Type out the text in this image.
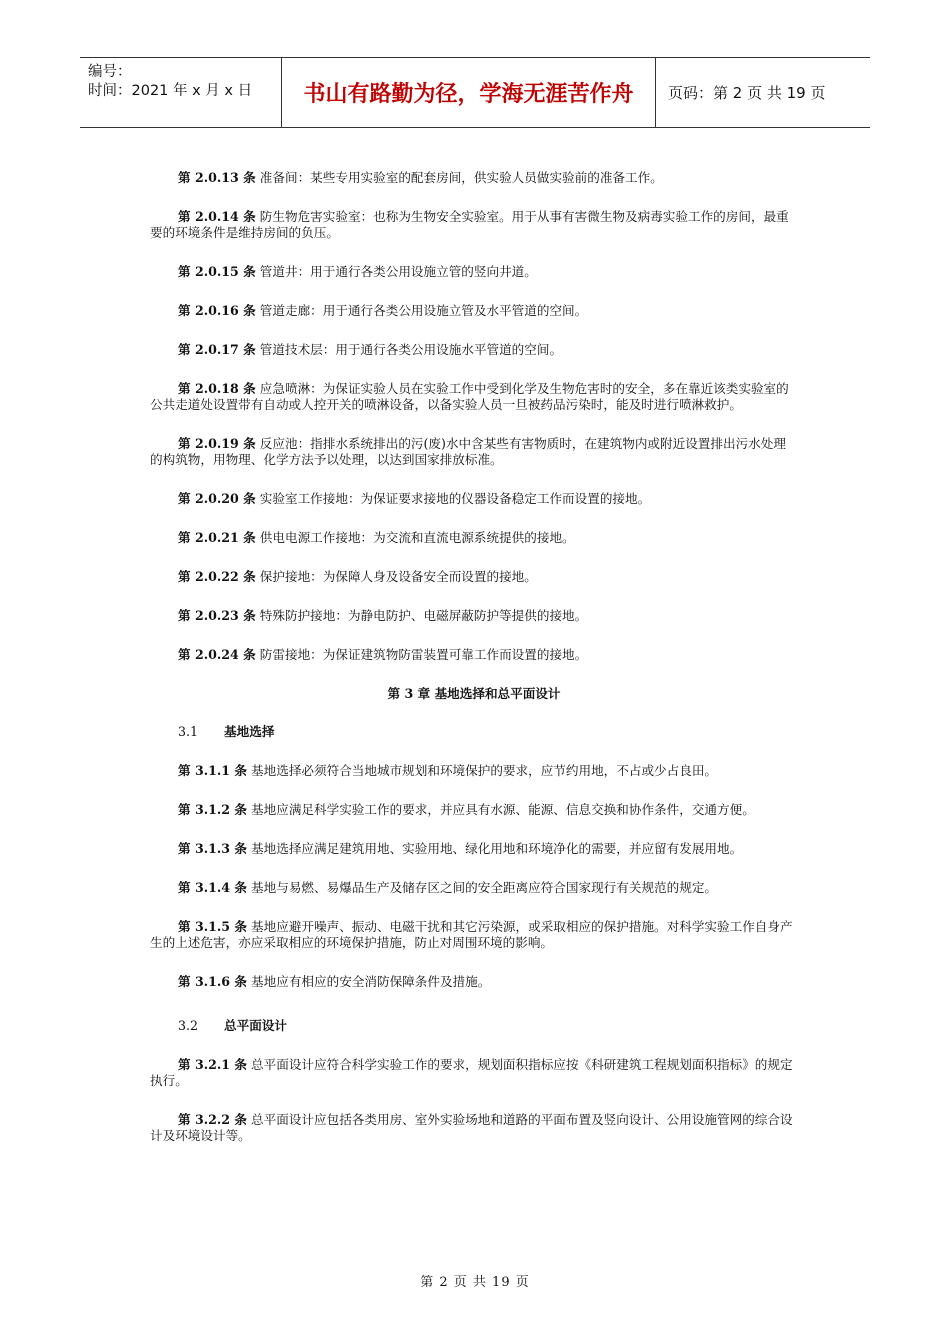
编号：
时间：2021 年 x 月 x 日	书山有路勤为径，学海无涯苦作舟	页码：第 2 页 共 19 页
第 2.0.13 条 准备间：某些专用实验室的配套房间，供实验人员做实验前的准备工作。
第 2.0.14 条 防生物危害实验室：也称为生物安全实验室。用于从事有害微生物及病毒实验工作的房间，最重要的环境条件是维持房间的负压。
第 2.0.15 条 管道井：用于通行各类公用设施立管的竖向井道。
第 2.0.16 条 管道走廊：用于通行各类公用设施立管及水平管道的空间。
第 2.0.17 条 管道技术层：用于通行各类公用设施水平管道的空间。
第 2.0.18 条 应急喷淋：为保证实验人员在实验工作中受到化学及生物危害时的安全，多在靠近该类实验室的公共走道处设置带有自动或人控开关的喷淋设备，以备实验人员一旦被药品污染时，能及时进行喷淋救护。
第 2.0.19 条 反应池：指排水系统排出的污(废)水中含某些有害物质时，在建筑物内或附近设置排出污水处理的构筑物，用物理、化学方法予以处理，以达到国家排放标准。
第 2.0.20 条 实验室工作接地：为保证要求接地的仪器设备稳定工作而设置的接地。
第 2.0.21 条 供电电源工作接地：为交流和直流电源系统提供的接地。
第 2.0.22 条 保护接地：为保障人身及设备安全而设置的接地。
第 2.0.23 条 特殊防护接地：为静电防护、电磁屏蔽防护等提供的接地。
第 2.0.24 条 防雷接地：为保证建筑物防雷装置可靠工作而设置的接地。
第 3 章 基地选择和总平面设计
3.1 基地选择
第 3.1.1 条 基地选择必须符合当地城市规划和环境保护的要求，应节约用地，不占或少占良田。
第 3.1.2 条 基地应满足科学实验工作的要求，并应具有水源、能源、信息交换和协作条件，交通方便。
第 3.1.3 条 基地选择应满足建筑用地、实验用地、绿化用地和环境净化的需要，并应留有发展用地。
第 3.1.4 条 基地与易燃、易爆品生产及储存区之间的安全距离应符合国家现行有关规范的规定。
第 3.1.5 条 基地应避开噪声、振动、电磁干扰和其它污染源，或采取相应的保护措施。对科学实验工作自身产生的上述危害，亦应采取相应的环境保护措施，防止对周围环境的影响。
第 3.1.6 条 基地应有相应的安全消防保障条件及措施。
3.2 总平面设计
第 3.2.1 条 总平面设计应符合科学实验工作的要求，规划面积指标应按《科研建筑工程规划面积指标》的规定执行。
第 3.2.2 条 总平面设计应包括各类用房、室外实验场地和道路的平面布置及竖向设计、公用设施管网的综合设计及环境设计等。
第 2 页 共 19 页
